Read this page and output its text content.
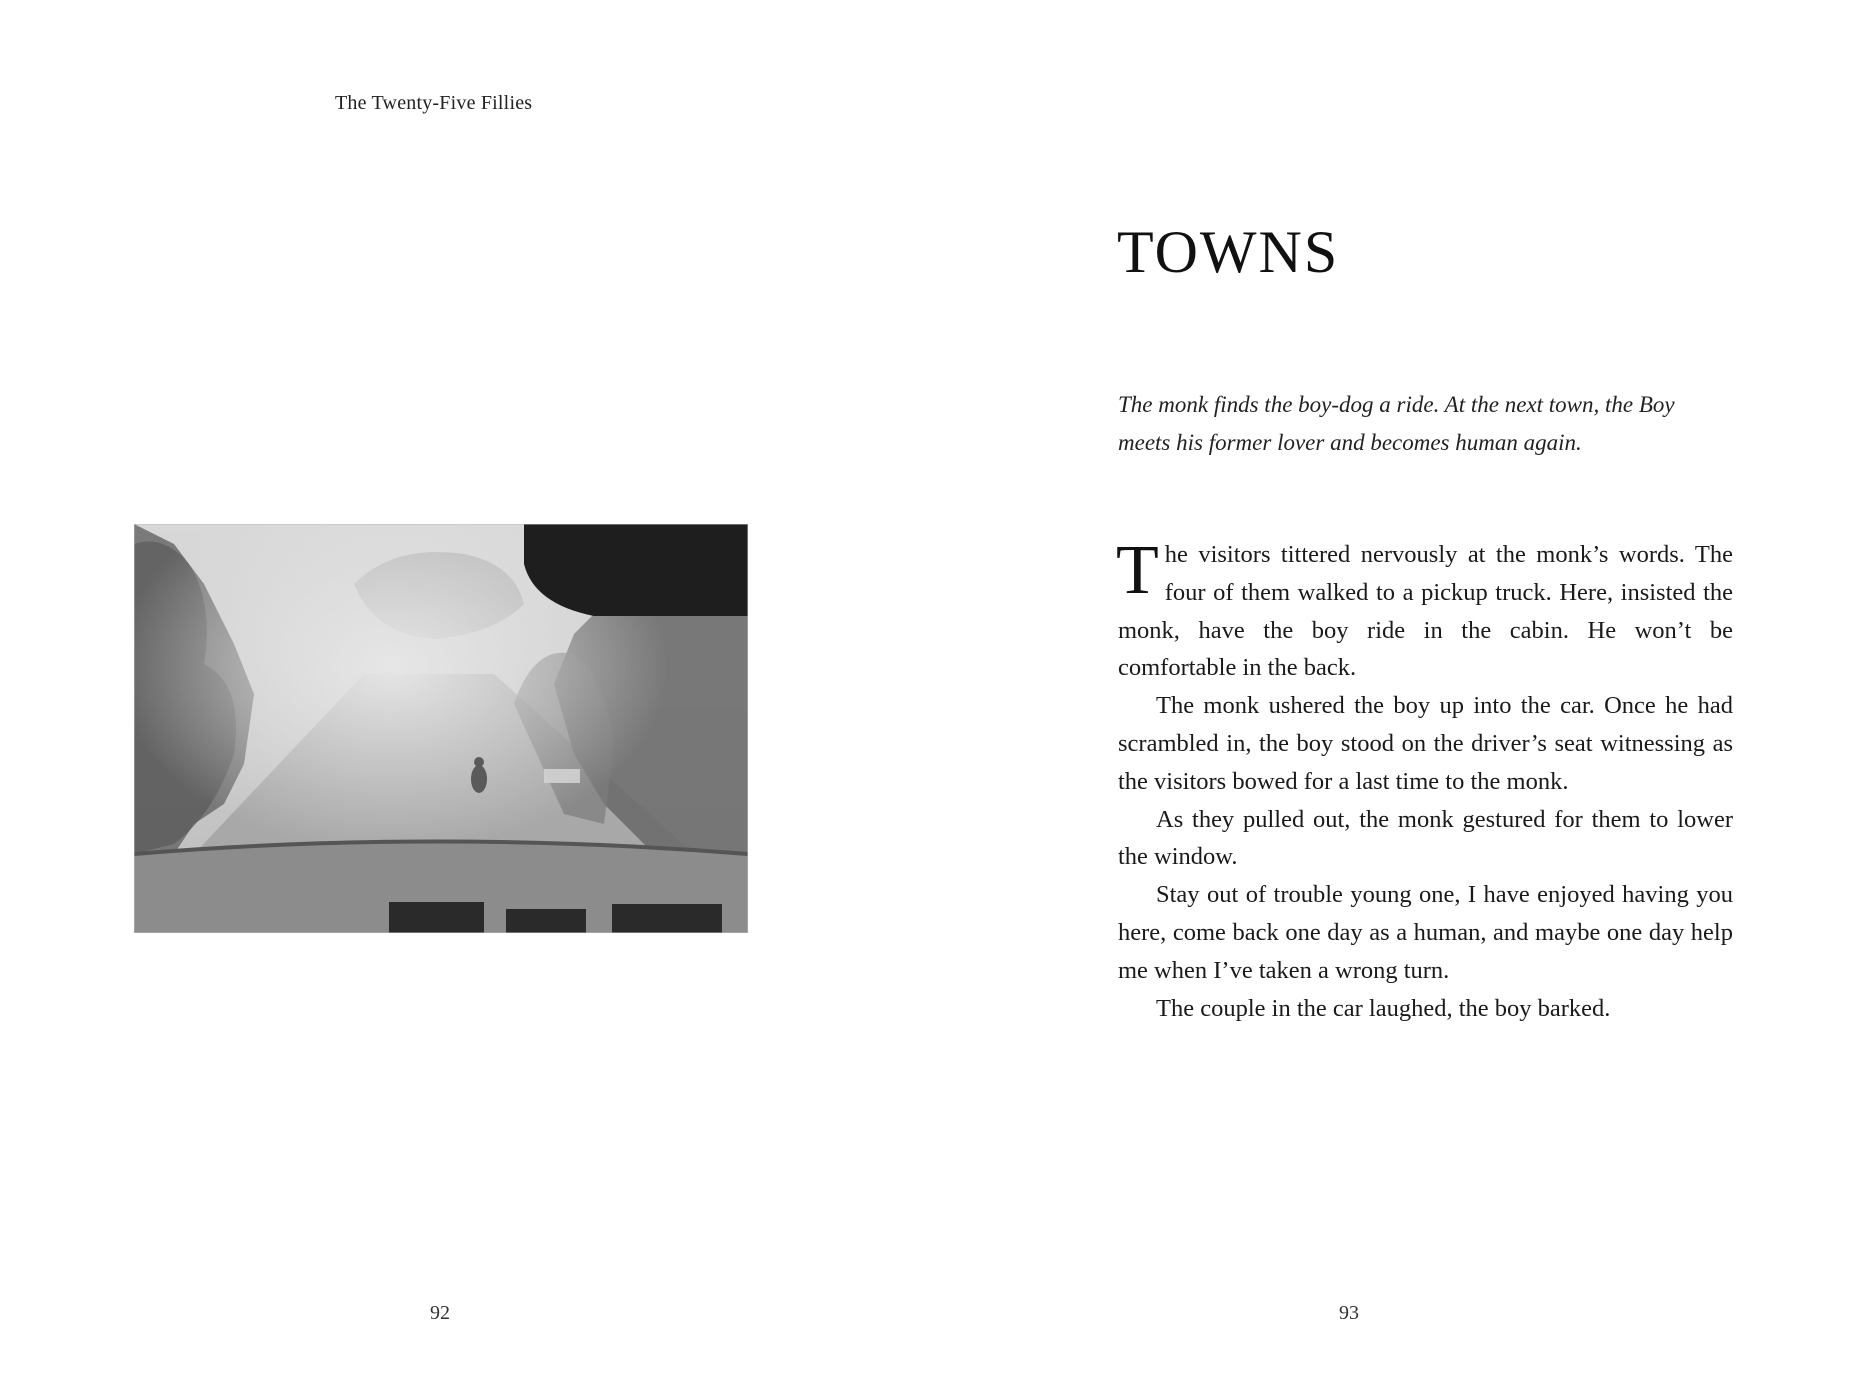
The Twenty-Five Fillies
92
TOWNS

The monk finds the boy-dog a ride. At the next town, the Boy meets his former lover and becomes human again.

The visitors tittered nervously at the monk’s words. The four of them walked to a pickup truck. Here, insisted the monk, have the boy ride in the cabin. He won’t be comfortable in the back.

The monk ushered the boy up into the car. Once he had scrambled in, the boy stood on the driver’s seat witnessing as the visitors bowed for a last time to the monk.

As they pulled out, the monk gestured for them to lower the window.

Stay out of trouble young one, I have enjoyed having you here, come back one day as a human, and maybe one day help me when I’ve taken a wrong turn.

The couple in the car laughed, the boy barked.

93
